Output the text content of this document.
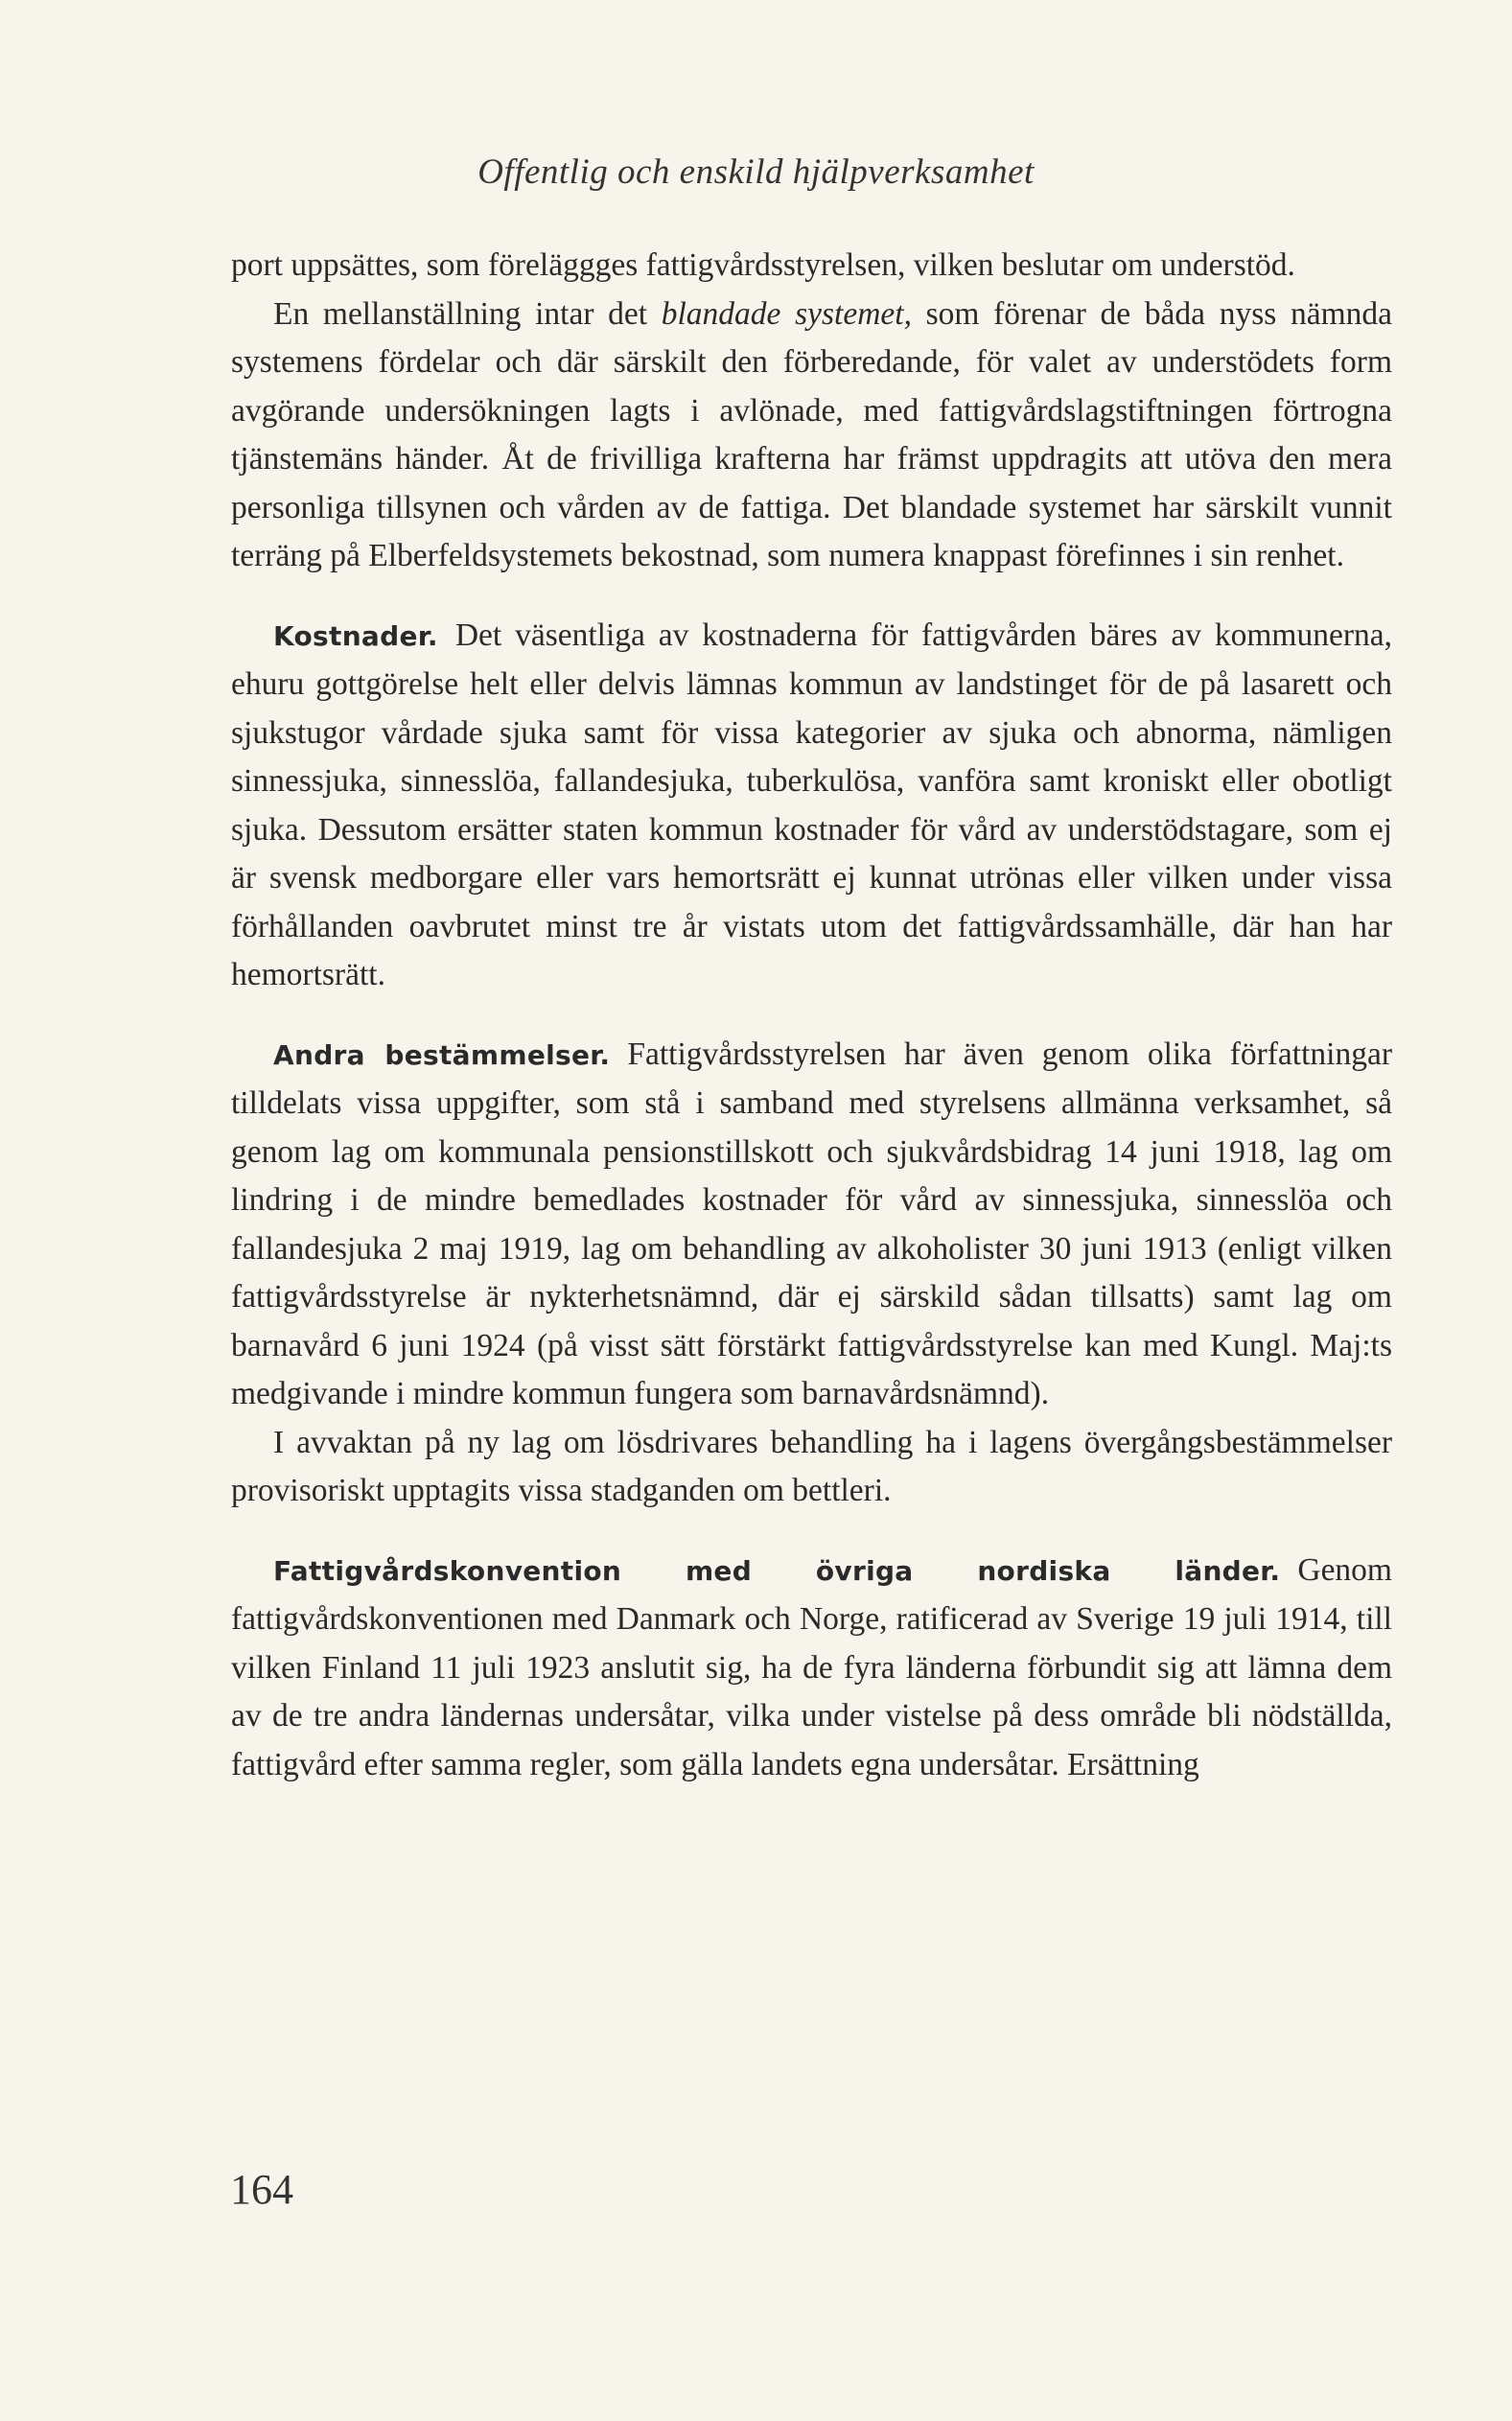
Offentlig och enskild hjälpverksamhet

port uppsättes, som föreläggges fattigvårdsstyrelsen, vilken beslutar om understöd.

En mellanställning intar det blandade systemet, som förenar de båda nyss nämnda systemens fördelar och där särskilt den förberedande, för valet av understödets form avgörande undersökningen lagts i avlönade, med fattigvårdslagstiftningen förtrogna tjänstemäns händer. Åt de frivilliga krafterna har främst uppdragits att utöva den mera personliga tillsynen och vården av de fattiga. Det blandade systemet har särskilt vunnit terräng på Elberfeldsystemets bekostnad, som numera knappast förefinnes i sin renhet.

Kostnader. Det väsentliga av kostnaderna för fattigvården bäres av kommunerna, ehuru gottgörelse helt eller delvis lämnas kommun av landstinget för de på lasarett och sjukstugor vårdade sjuka samt för vissa kategorier av sjuka och abnorma, nämligen sinnessjuka, sinnesslöa, fallandesjuka, tuberkulösa, vanföra samt kroniskt eller obotligt sjuka. Dessutom ersätter staten kommun kostnader för vård av understödstagare, som ej är svensk medborgare eller vars hemortsrätt ej kunnat utrönas eller vilken under vissa förhållanden oavbrutet minst tre år vistats utom det fattigvårdssamhälle, där han har hemortsrätt.

Andra bestämmelser. Fattigvårdsstyrelsen har även genom olika författningar tilldelats vissa uppgifter, som stå i samband med styrelsens allmänna verksamhet, så genom lag om kommunala pensionstillskott och sjukvårdsbidrag 14 juni 1918, lag om lindring i de mindre bemedlades kostnader för vård av sinnessjuka, sinnesslöa och fallandesjuka 2 maj 1919, lag om behandling av alkoholister 30 juni 1913 (enligt vilken fattigvårdsstyrelse är nykterhetsnämnd, där ej särskild sådan tillsatts) samt lag om barnavård 6 juni 1924 (på visst sätt förstärkt fattigvårdsstyrelse kan med Kungl. Maj:ts medgivande i mindre kommun fungera som barnavårdsnämnd).

I avvaktan på ny lag om lösdrivares behandling ha i lagens övergångsbestämmelser provisoriskt upptagits vissa stadganden om bettleri.

Fattigvårdskonvention med övriga nordiska länder. Genom fattigvårdskonventionen med Danmark och Norge, ratificerad av Sverige 19 juli 1914, till vilken Finland 11 juli 1923 anslutit sig, ha de fyra länderna förbundit sig att lämna dem av de tre andra ländernas undersåtar, vilka under vistelse på dess område bli nödställda, fattigvård efter samma regler, som gälla landets egna undersåtar. Ersättning

164
